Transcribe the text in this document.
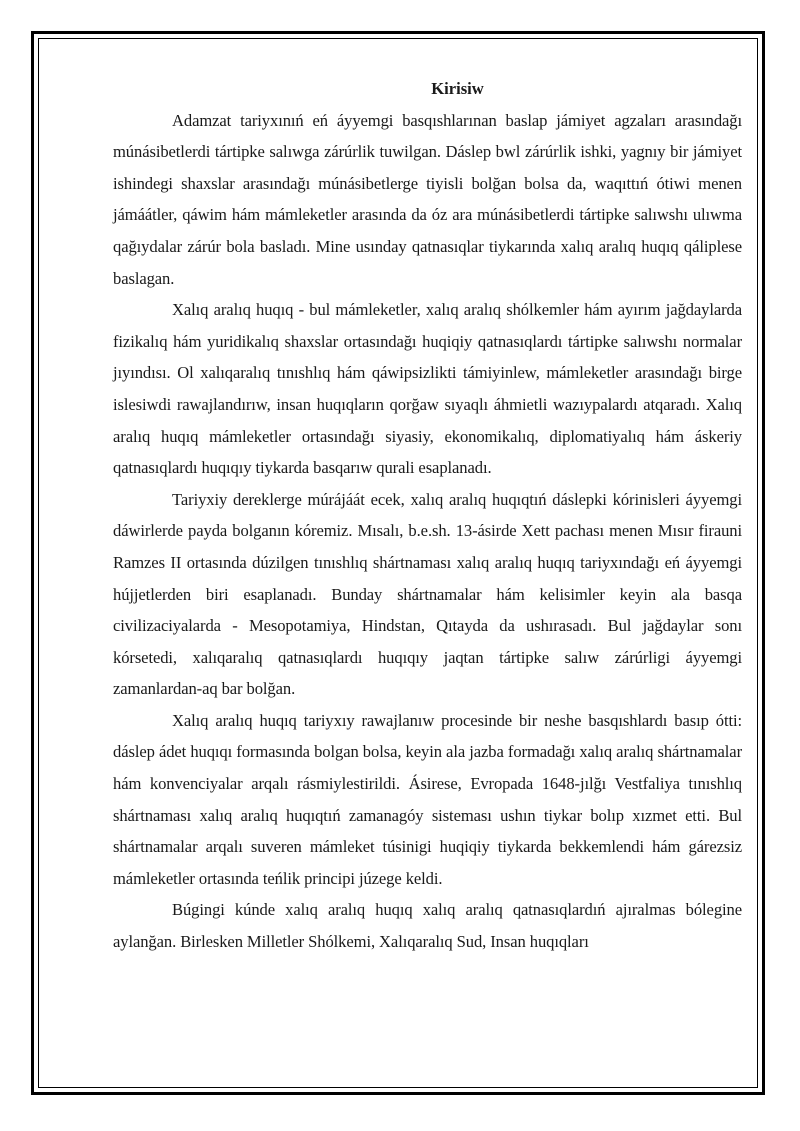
Kirisiw

Adamzat tariyxınıń eń áyyemgi basqıshlarınan baslap jámiyet agzaları arasındağı múnásibetlerdi tártipke salıwga zárúrlik tuwilgan. Dáslep bwl zárúrlik ishki, yagnıy bir jámiyet ishindegi shaxslar arasındağı múnásibetlerge tiyisli bolğan bolsa da, waqıttıń ótiwi menen jámáátler, qáwim hám mámleketler arasında da óz ara múnásibetlerdi tártipke salıwshı ulıwma qağıydalar zárúr bola basladı. Mine usınday qatnasıqlar tiykarında xalıq aralıq huqıq qáliplese baslagan.

Xalıq aralıq huqıq - bul mámleketler, xalıq aralıq shólkemler hám ayırım jağdaylarda fizikalıq hám yuridikalıq shaxslar ortasındağı huqiqiy qatnasıqlardı tártipke salıwshı normalar jıyındısı. Ol xalıqaralıq tınıshlıq hám qáwipsizlikti támiyinlew, mámleketler arasındağı birge islesiwdi rawajlandırıw, insan huqıqların qorğaw sıyaqlı áhmietli wazıypalardı atqaradı. Xalıq aralıq huqıq mámleketler ortasındağı siyasiy, ekonomikalıq, diplomatiyalıq hám áskeriy qatnasıqlardı huqıqıy tiykarda basqarıw qurali esaplanadı.

Tariyxiy dereklerge múrájáát ecek, xalıq aralıq huqıqtıń dáslepki kórinisleri áyyemgi dáwirlerde payda bolganın kóremiz. Mısalı, b.e.sh. 13-ásirde Xett pachası menen Mısır firauni Ramzes II ortasında dúzilgen tınıshlıq shártnaması xalıq aralıq huqıq tariyxındağı eń áyyemgi hújjetlerden biri esaplanadı. Bunday shártnamalar hám kelisimler keyin ala basqa civilizaciyalarda - Mesopotamiya, Hindstan, Qıtayda da ushırasadı. Bul jağdaylar sonı kórsetedi, xalıqaralıq qatnasıqlardı huqıqıy jaqtan tártipke salıw zárúrligi áyyemgi zamanlardan-aq bar bolğan.

Xalıq aralıq huqıq tariyxıy rawajlanıw procesinde bir neshe basqıshlardı basıp ótti: dáslep ádet huqıqı formasında bolgan bolsa, keyin ala jazba formadağı xalıq aralıq shártnamalar hám konvenciyalar arqalı rásmiylestirildi. Ásirese, Evropada 1648-jılğı Vestfaliya tınıshlıq shártnaması xalıq aralıq huqıqtıń zamanagóy sisteması ushın tiykar bolıp xızmet etti. Bul shártnamalar arqalı suveren mámleket túsinigi huqiqiy tiykarda bekkemlendi hám gárezsiz mámleketler ortasında teńlik principi júzege keldi.

Búgingi kúnde xalıq aralıq huqıq xalıq aralıq qatnasıqlardıń ajıralmas bólegine aylanğan. Birlesken Milletler Shólkemi, Xalıqaralıq Sud, Insan huqıqları
